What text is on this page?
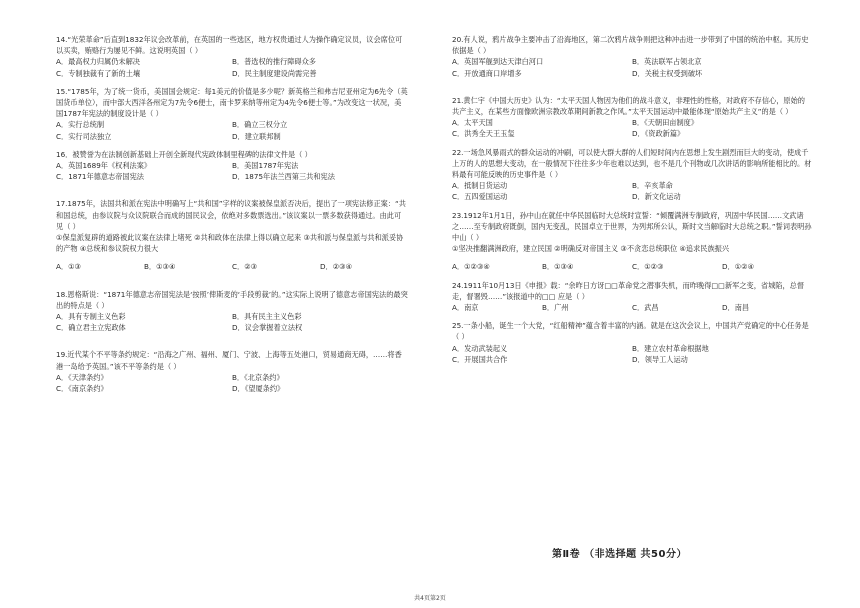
14.“光荣革命”后直到1832年议会改革前，在英国的一些选区，地方权贵通过人为操作确定议员，议会席位可以买卖，贿赂行为屡见不鲜。这说明英国（ ）
A．最高权力归属仍未解决	B．普选权的推行障碍众多
C．专制独裁有了新的土壤	D．民主制度建设尚需完善
15.“1785年，为了统一货币，美国国会规定：每1美元的价值是多少呢？新英格兰和弗吉尼亚州定为6先令（英国货币单位），而中部大西洋各州定为7先令6便士，南卡罗来纳等州定为4先令6便士等。”为改变这一状况，美国1787年宪法的制度设计是（ ）
A．实行总统制	B．确立三权分立
C．实行司法独立	D．建立联邦制
16．被赞誉为在法制创新基础上开创全新现代宪政体制里程碑的法律文件是（ ）
A．英国1689年《权利法案》	B．美国1787年宪法
C．1871年德意志帝国宪法	D．1875年法兰西第三共和宪法
17.1875年，法国共和派在宪法中明确写上“共和国”字样的议案被保皇派否决后，提出了一项宪法修正案：“共和国总统，由参议院与众议院联合而成的国民议会，依绝对多数票选出。”该议案以一票多数获得通过。由此可见（ ）
①保皇派复辟的道路被此议案在法律上堵死 ②共和政体在法律上得以确立起来 ③共和派与保皇派与共和派妥协的产物 ④总统和参议院权力很大
A．①③	B．①③④	C．②③	D．②③④
18.恩格斯说：“1871年德意志帝国宪法是‘按照’俾斯麦的‘手段剪裁’的。”这实际上说明了德意志帝国宪法的最突出的特点是（ ）
A．具有专制主义色彩	B．具有民主主义色彩
C．确立君主立宪政体	D．议会掌握着立法权
19.近代某个不平等条约规定：“沿海之广州、福州、厦门、宁波、上海等五处港口，贸易通商无碍，……将香港一岛给予英国。”该不平等条约是（ ）
A．《天津条约》	B．《北京条约》
C．《南京条约》	D．《望厦条约》
20.有人说，鸦片战争主要冲击了沿海地区，第二次鸦片战争则把这种冲击进一步带到了中国的统治中枢。其历史依据是（ ）
A．英国军舰到达天津白河口	B．英法联军占领北京
C．开放通商口岸增多	D．关税主权受到破坏
21.黄仁宇《中国大历史》认为：“太平天国人物因为他们的战斗意义，非理性的性格，对政府不存信心，原始的共产主义，在某些方面像欧洲宗教改革期间新教之作风。”太平天国运动中最能体现“原始共产主义”的是（ ）
A．太平天国	B．《天朝田亩制度》
C．洪秀全天王玉玺	D．《资政新篇》
22.一场急风暴雨式的群众运动的冲刷，可以使大群大群的人们短时间内在思想上发生剧烈而巨大的变动，使成千上万的人的思想大变动，在一般情况下往往多少年也难以达到，也不是几个刊物或几次讲话的影响所能相比的。材料最有可能反映的历史事件是（ ）
A．抵制日货运动	B．辛亥革命
C．五四爱国运动	D．新文化运动
23.1912年1月1日，孙中山在就任中华民国临时大总统时宣誓：“倾覆满洲专制政府，巩固中华民国……文武诸之……至专制政府既倒，国内无变乱，民国卓立于世界，为列邦所公认，斯时文当解临时大总统之职。”誓词表明孙中山（ ）
①坚决推翻满洲政府，建立民国 ②明确反对帝国主义 ③不贪恋总统职位 ④追求民族振兴
A．①②③④	B．①③④	C．①②③	D．①②④
24.1911年10月13日《申报》载：“余昨日方讶□□革命党之潜事失机，而昨晚得□□新军之变，省城陷，总督走，督署毁……”该报道中的□□ 应是（ ）
A．南京	B．广州	C．武昌	D．南昌
25.一条小船，诞生一个大党，“红船精神”蕴含着丰富的内涵。就是在这次会议上，中国共产党确定的中心任务是（ ）
A．发动武装起义	B．建立农村革命根据地
C．开展国共合作	D．领导工人运动
第Ⅱ卷 （非选择题 共50分）
共4页第2页
